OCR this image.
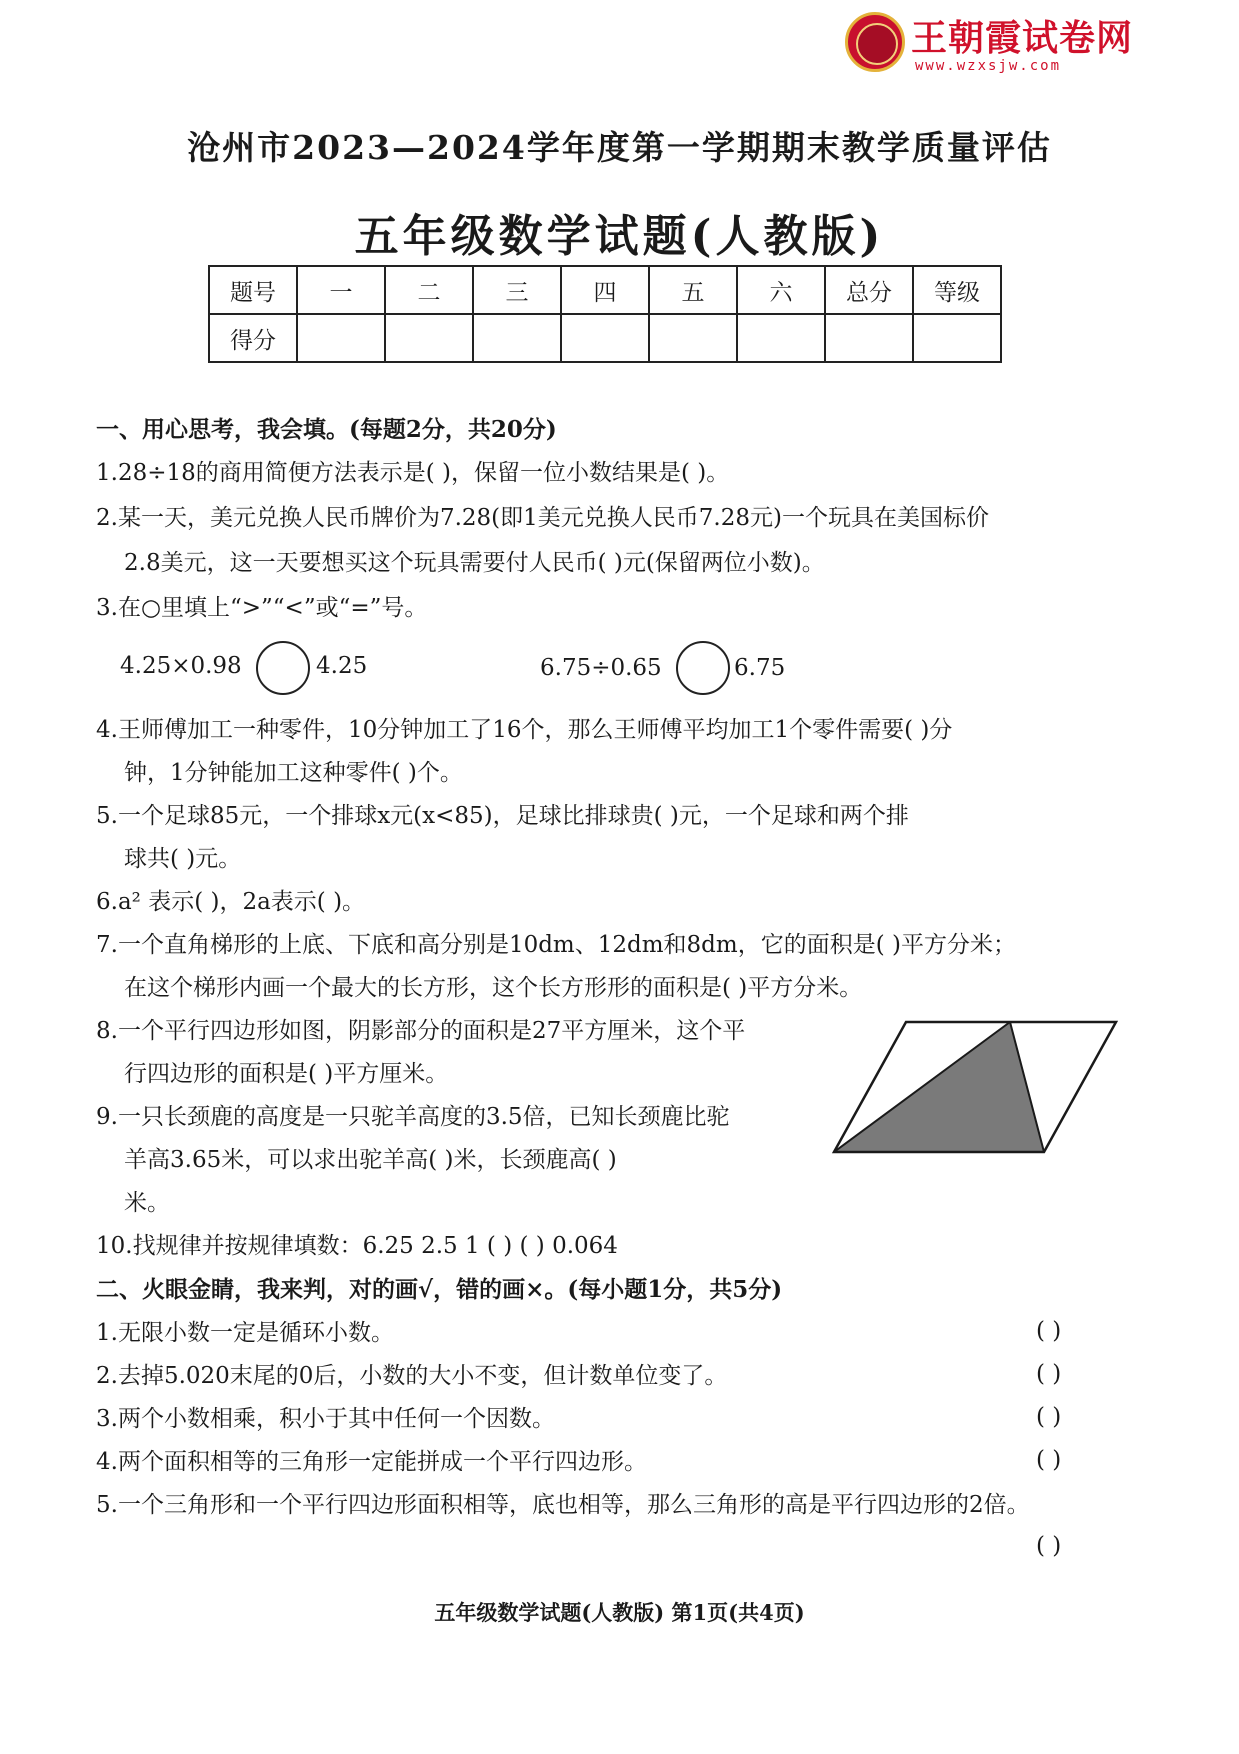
王朝霞试卷网
www.wzxsjw.com
沧州市2023—2024学年度第一学期期末教学质量评估
五年级数学试题(人教版)
题号	一	二	三	四	五	六	总分	等级
得分								
一、用心思考，我会填。(每题2分，共20分)
1.28÷18的商用简便方法表示是( )，保留一位小数结果是( )。
2.某一天，美元兑换人民币牌价为7.28(即1美元兑换人民币7.28元)一个玩具在美国标价
2.8美元，这一天要想买这个玩具需要付人民币( )元(保留两位小数)。
3.在○里填上“>”“<”或“=”号。
4.25×0.98	4.25	6.75÷0.65	6.75
4.王师傅加工一种零件，10分钟加工了16个，那么王师傅平均加工1个零件需要( )分
钟，1分钟能加工这种零件( )个。
5.一个足球85元，一个排球x元(x<85)，足球比排球贵( )元，一个足球和两个排
球共( )元。
6.a² 表示( )，2a表示( )。
7.一个直角梯形的上底、下底和高分别是10dm、12dm和8dm，它的面积是( )平方分米；
在这个梯形内画一个最大的长方形，这个长方形形的面积是( )平方分米。
8.一个平行四边形如图，阴影部分的面积是27平方厘米，这个平
行四边形的面积是( )平方厘米。
9.一只长颈鹿的高度是一只驼羊高度的3.5倍，已知长颈鹿比驼
羊高3.65米，可以求出驼羊高( )米，长颈鹿高( )
米。
10.找规律并按规律填数：6.25 2.5 1 ( ) ( ) 0.064
二、火眼金睛，我来判，对的画√，错的画×。(每小题1分，共5分)
1.无限小数一定是循环小数。	( )
2.去掉5.020末尾的0后，小数的大小不变，但计数单位变了。	( )
3.两个小数相乘，积小于其中任何一个因数。	( )
4.两个面积相等的三角形一定能拼成一个平行四边形。	( )
5.一个三角形和一个平行四边形面积相等，底也相等，那么三角形的高是平行四边形的2倍。
( )
五年级数学试题(人教版) 第1页(共4页)
